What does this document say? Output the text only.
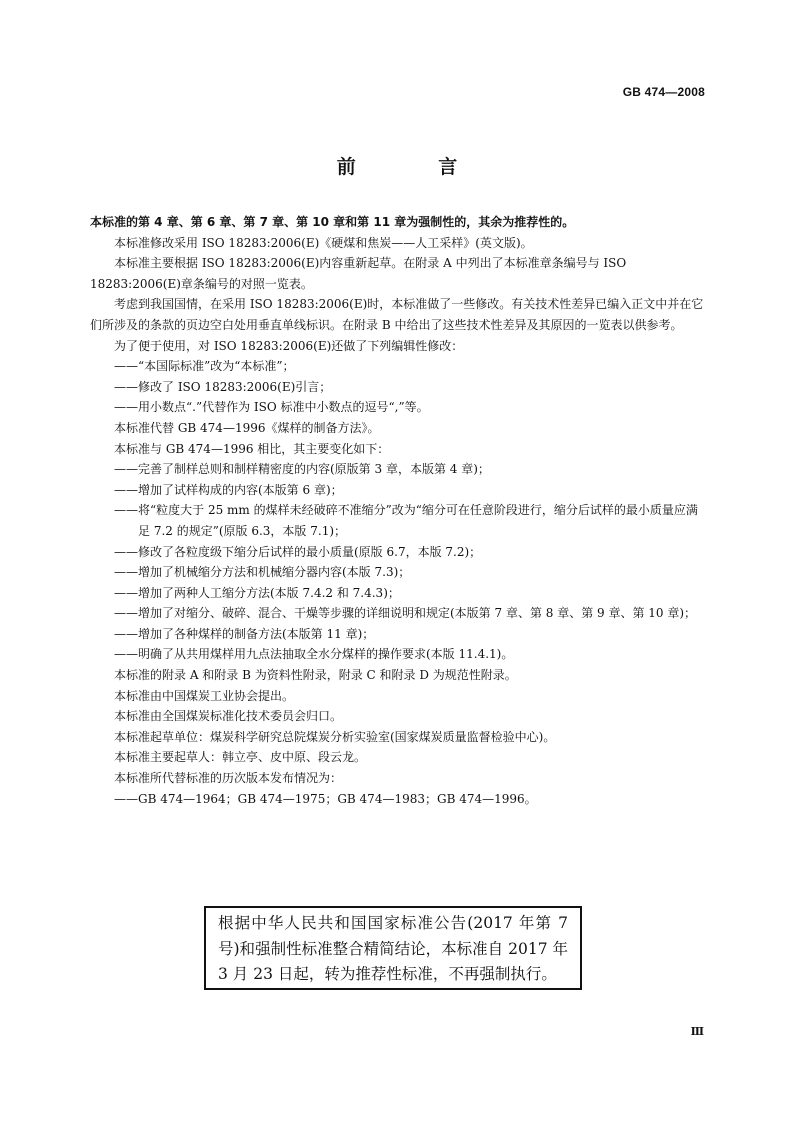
GB 474—2008
前 言

本标准的第 4 章、第 6 章、第 7 章、第 10 章和第 11 章为强制性的，其余为推荐性的。

本标准修改采用 ISO 18283:2006(E)《硬煤和焦炭——人工采样》(英文版)。

本标准主要根据 ISO 18283:2006(E)内容重新起草。在附录 A 中列出了本标准章条编号与 ISO 18283:2006(E)章条编号的对照一览表。

考虑到我国国情，在采用 ISO 18283:2006(E)时，本标准做了一些修改。有关技术性差异已编入正文中并在它们所涉及的条款的页边空白处用垂直单线标识。在附录 B 中给出了这些技术性差异及其原因的一览表以供参考。

为了便于使用，对 ISO 18283:2006(E)还做了下列编辑性修改：

——“本国际标准”改为“本标准”；

——修改了 ISO 18283:2006(E)引言；

——用小数点“.”代替作为 ISO 标准中小数点的逗号“,”等。

本标准代替 GB 474—1996《煤样的制备方法》。

本标准与 GB 474—1996 相比，其主要变化如下：

——完善了制样总则和制样精密度的内容(原版第 3 章，本版第 4 章)；

——增加了试样构成的内容(本版第 6 章)；

——将“粒度大于 25 mm 的煤样未经破碎不准缩分”改为“缩分可在任意阶段进行，缩分后试样的最小质量应满足 7.2 的规定”(原版 6.3，本版 7.1)；

——修改了各粒度级下缩分后试样的最小质量(原版 6.7，本版 7.2)；

——增加了机械缩分方法和机械缩分器内容(本版 7.3)；

——增加了两种人工缩分方法(本版 7.4.2 和 7.4.3)；

——增加了对缩分、破碎、混合、干燥等步骤的详细说明和规定(本版第 7 章、第 8 章、第 9 章、第 10 章)；

——增加了各种煤样的制备方法(本版第 11 章)；

——明确了从共用煤样用九点法抽取全水分煤样的操作要求(本版 11.4.1)。

本标准的附录 A 和附录 B 为资料性附录，附录 C 和附录 D 为规范性附录。

本标准由中国煤炭工业协会提出。

本标准由全国煤炭标准化技术委员会归口。

本标准起草单位：煤炭科学研究总院煤炭分析实验室(国家煤炭质量监督检验中心)。

本标准主要起草人：韩立亭、皮中原、段云龙。

本标准所代替标准的历次版本发布情况为：

——GB 474—1964；GB 474—1975；GB 474—1983；GB 474—1996。

根据中华人民共和国国家标准公告(2017 年第 7 号)和强制性标准整合精简结论，本标准自 2017 年 3 月 23 日起，转为推荐性标准，不再强制执行。
Ⅲ
